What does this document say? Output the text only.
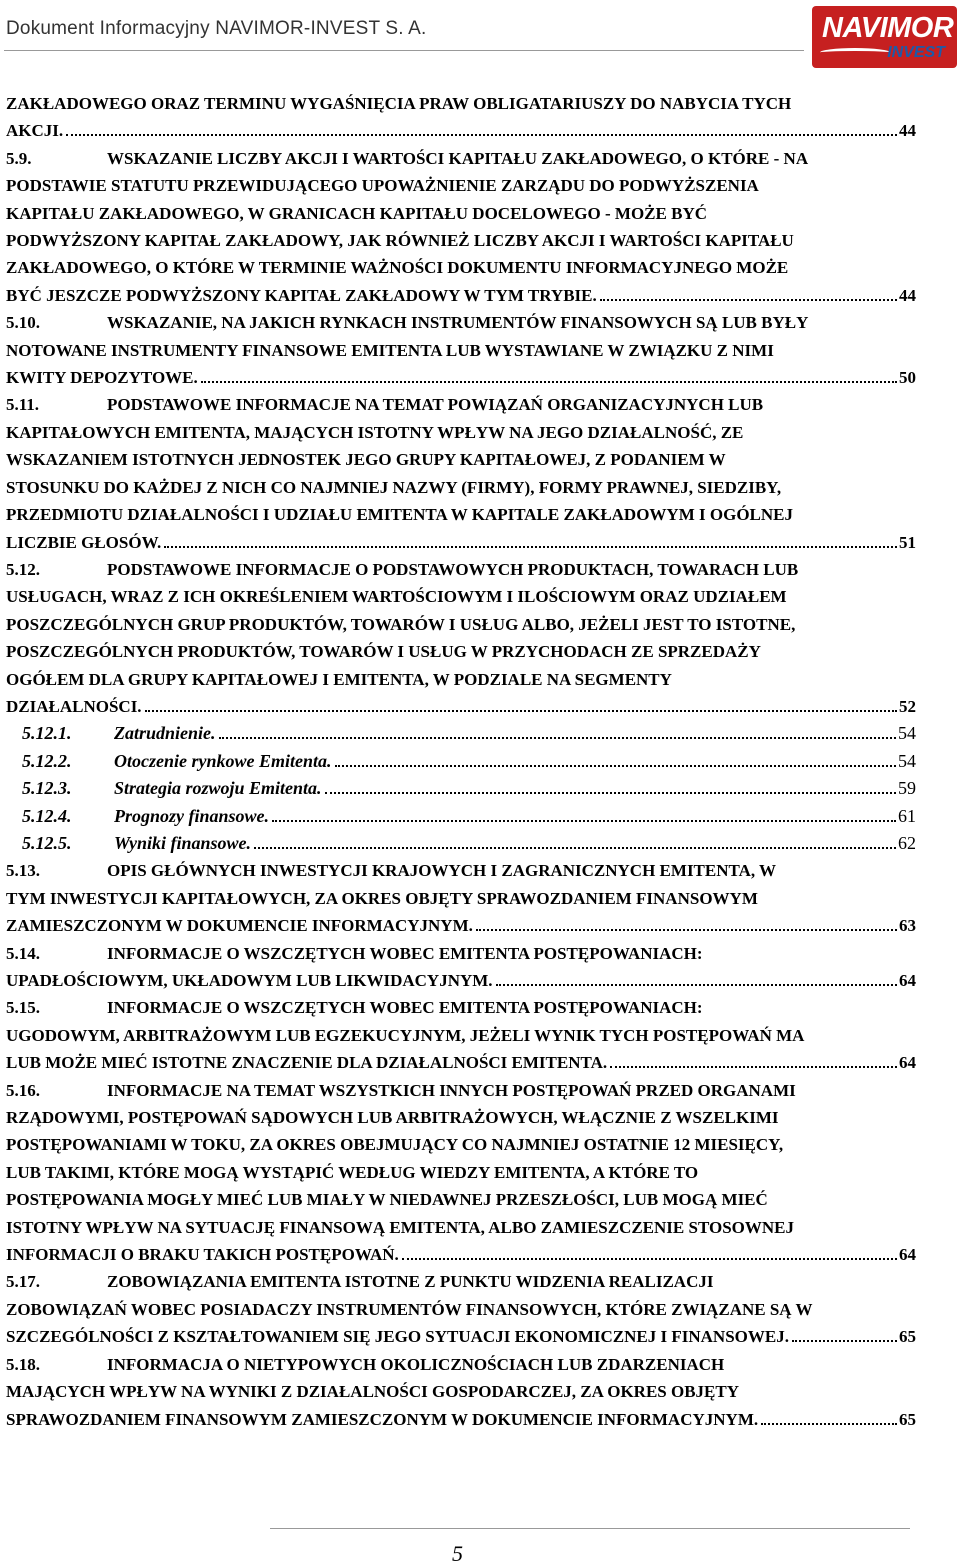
Dokument Informacyjny NAVIMOR-INVEST S. A.	NAVIMOR
INVEST
ZAKŁADOWEGO ORAZ TERMINU WYGAŚNIĘCIA PRAW OBLIGATARIUSZY DO NABYCIA TYCH
AKCJI.	44
5.9.	WSKAZANIE LICZBY AKCJI I WARTOŚCI KAPITAŁU ZAKŁADOWEGO, O KTÓRE - NA
PODSTAWIE STATUTU PRZEWIDUJĄCEGO UPOWAŻNIENIE ZARZĄDU DO PODWYŻSZENIA
KAPITAŁU ZAKŁADOWEGO, W GRANICACH KAPITAŁU DOCELOWEGO - MOŻE BYĆ
PODWYŻSZONY KAPITAŁ ZAKŁADOWY, JAK RÓWNIEŻ LICZBY AKCJI I WARTOŚCI KAPITAŁU
ZAKŁADOWEGO, O KTÓRE W TERMINIE WAŻNOŚCI DOKUMENTU INFORMACYJNEGO MOŻE
BYĆ JESZCZE PODWYŻSZONY KAPITAŁ ZAKŁADOWY W TYM TRYBIE.	44
5.10.	WSKAZANIE, NA JAKICH RYNKACH INSTRUMENTÓW FINANSOWYCH SĄ LUB BYŁY
NOTOWANE INSTRUMENTY FINANSOWE EMITENTA LUB WYSTAWIANE W ZWIĄZKU Z NIMI
KWITY DEPOZYTOWE.	50
5.11.	PODSTAWOWE INFORMACJE NA TEMAT POWIĄZAŃ ORGANIZACYJNYCH LUB
KAPITAŁOWYCH EMITENTA, MAJĄCYCH ISTOTNY WPŁYW NA JEGO DZIAŁALNOŚĆ, ZE
WSKAZANIEM ISTOTNYCH JEDNOSTEK JEGO GRUPY KAPITAŁOWEJ, Z PODANIEM W
STOSUNKU DO KAŻDEJ Z NICH CO NAJMNIEJ NAZWY (FIRMY), FORMY PRAWNEJ, SIEDZIBY,
PRZEDMIOTU DZIAŁALNOŚCI I UDZIAŁU EMITENTA W KAPITALE ZAKŁADOWYM I OGÓLNEJ
LICZBIE GŁOSÓW.	51
5.12.	PODSTAWOWE INFORMACJE O PODSTAWOWYCH PRODUKTACH, TOWARACH LUB
USŁUGACH, WRAZ Z ICH OKREŚLENIEM WARTOŚCIOWYM I ILOŚCIOWYM ORAZ UDZIAŁEM
POSZCZEGÓLNYCH GRUP PRODUKTÓW, TOWARÓW I USŁUG ALBO, JEŻELI JEST TO ISTOTNE,
POSZCZEGÓLNYCH PRODUKTÓW, TOWARÓW I USŁUG W PRZYCHODACH ZE SPRZEDAŻY
OGÓŁEM DLA GRUPY KAPITAŁOWEJ I EMITENTA, W PODZIALE NA SEGMENTY
DZIAŁALNOŚCI.	52
5.12.1.	Zatrudnienie.	54
5.12.2.	Otoczenie rynkowe Emitenta.	54
5.12.3.	Strategia rozwoju Emitenta.	59
5.12.4.	Prognozy finansowe.	61
5.12.5.	Wyniki finansowe.	62
5.13.	OPIS GŁÓWNYCH INWESTYCJI KRAJOWYCH I ZAGRANICZNYCH EMITENTA, W
TYM INWESTYCJI KAPITAŁOWYCH, ZA OKRES OBJĘTY SPRAWOZDANIEM FINANSOWYM
ZAMIESZCZONYM W DOKUMENCIE INFORMACYJNYM.	63
5.14.	INFORMACJE O WSZCZĘTYCH WOBEC EMITENTA POSTĘPOWANIACH:
UPADŁOŚCIOWYM, UKŁADOWYM LUB LIKWIDACYJNYM.	64
5.15.	INFORMACJE O WSZCZĘTYCH WOBEC EMITENTA POSTĘPOWANIACH:
UGODOWYM, ARBITRAŻOWYM LUB EGZEKUCYJNYM, JEŻELI WYNIK TYCH POSTĘPOWAŃ MA
LUB MOŻE MIEĆ ISTOTNE ZNACZENIE DLA DZIAŁALNOŚCI EMITENTA.	64
5.16.	INFORMACJE NA TEMAT WSZYSTKICH INNYCH POSTĘPOWAŃ PRZED ORGANAMI
RZĄDOWYMI, POSTĘPOWAŃ SĄDOWYCH LUB ARBITRAŻOWYCH, WŁĄCZNIE Z WSZELKIMI
POSTĘPOWANIAMI W TOKU, ZA OKRES OBEJMUJĄCY CO NAJMNIEJ OSTATNIE 12 MIESIĘCY,
LUB TAKIMI, KTÓRE MOGĄ WYSTĄPIĆ WEDŁUG WIEDZY EMITENTA, A KTÓRE TO
POSTĘPOWANIA MOGŁY MIEĆ LUB MIAŁY W NIEDAWNEJ PRZESZŁOŚCI, LUB MOGĄ MIEĆ
ISTOTNY WPŁYW NA SYTUACJĘ FINANSOWĄ EMITENTA, ALBO ZAMIESZCZENIE STOSOWNEJ
INFORMACJI O BRAKU TAKICH POSTĘPOWAŃ.	64
5.17.	ZOBOWIĄZANIA EMITENTA ISTOTNE Z PUNKTU WIDZENIA REALIZACJI
ZOBOWIĄZAŃ WOBEC POSIADACZY INSTRUMENTÓW FINANSOWYCH, KTÓRE ZWIĄZANE SĄ W
SZCZEGÓLNOŚCI Z KSZTAŁTOWANIEM SIĘ JEGO SYTUACJI EKONOMICZNEJ I FINANSOWEJ.	65
5.18.	INFORMACJA O NIETYPOWYCH OKOLICZNOŚCIACH LUB ZDARZENIACH
MAJĄCYCH WPŁYW NA WYNIKI Z DZIAŁALNOŚCI GOSPODARCZEJ, ZA OKRES OBJĘTY
SPRAWOZDANIEM FINANSOWYM ZAMIESZCZONYM W DOKUMENCIE INFORMACYJNYM.	65
5
